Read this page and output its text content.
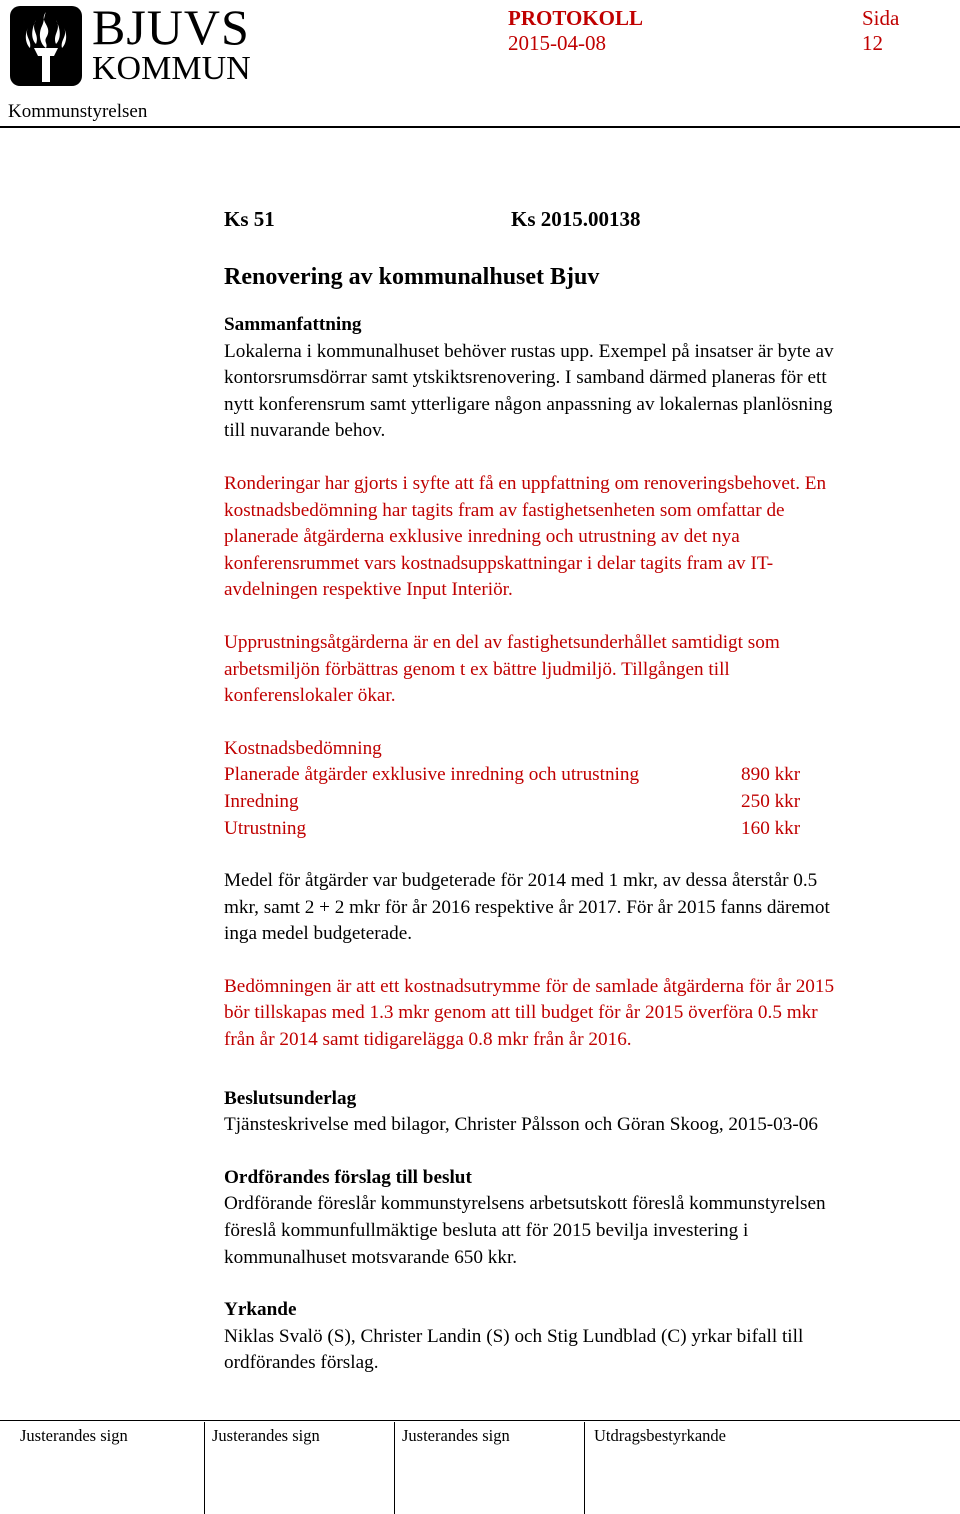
BJUVS
KOMMUN
Kommunstyrelsen
PROTOKOLL
2015-04-08
Sida
12
Ks 51	Ks 2015.00138
Renovering av kommunalhuset Bjuv
Sammanfattning
Lokalerna i kommunalhuset behöver rustas upp. Exempel på insatser är byte av
kontorsrumsdörrar samt ytskiktsrenovering. I samband därmed planeras för ett
nytt konferensrum samt ytterligare någon anpassning av lokalernas planlösning
till nuvarande behov.
Ronderingar har gjorts i syfte att få en uppfattning om renoveringsbehovet. En
kostnadsbedömning har tagits fram av fastighetsenheten som omfattar de
planerade åtgärderna exklusive inredning och utrustning av det nya
konferensrummet vars kostnadsuppskattningar i delar tagits fram av IT-
avdelningen respektive Input Interiör.
Upprustningsåtgärderna är en del av fastighetsunderhållet samtidigt som
arbetsmiljön förbättras genom t ex bättre ljudmiljö. Tillgången till
konferenslokaler ökar.
Kostnadsbedömning
Planerade åtgärder exklusive inredning och utrustning	890 kkr
Inredning	250 kkr
Utrustning	160 kkr
Medel för åtgärder var budgeterade för 2014 med 1 mkr, av dessa återstår 0.5
mkr, samt 2 + 2 mkr för år 2016 respektive år 2017. För år 2015 fanns däremot
inga medel budgeterade.
Bedömningen är att ett kostnadsutrymme för de samlade åtgärderna för år 2015
bör tillskapas med 1.3 mkr genom att till budget för år 2015 överföra 0.5 mkr
från år 2014 samt tidigarelägga 0.8 mkr från år 2016.
Beslutsunderlag
Tjänsteskrivelse med bilagor, Christer Pålsson och Göran Skoog, 2015-03-06
Ordförandes förslag till beslut
Ordförande föreslår kommunstyrelsens arbetsutskott föreslå kommunstyrelsen
föreslå kommunfullmäktige besluta att för 2015 bevilja investering i
kommunalhuset motsvarande 650 kkr.
Yrkande
Niklas Svalö (S), Christer Landin (S) och Stig Lundblad (C) yrkar bifall till
ordförandes förslag.
Justerandes sign	Justerandes sign	Justerandes sign	Utdragsbestyrkande
